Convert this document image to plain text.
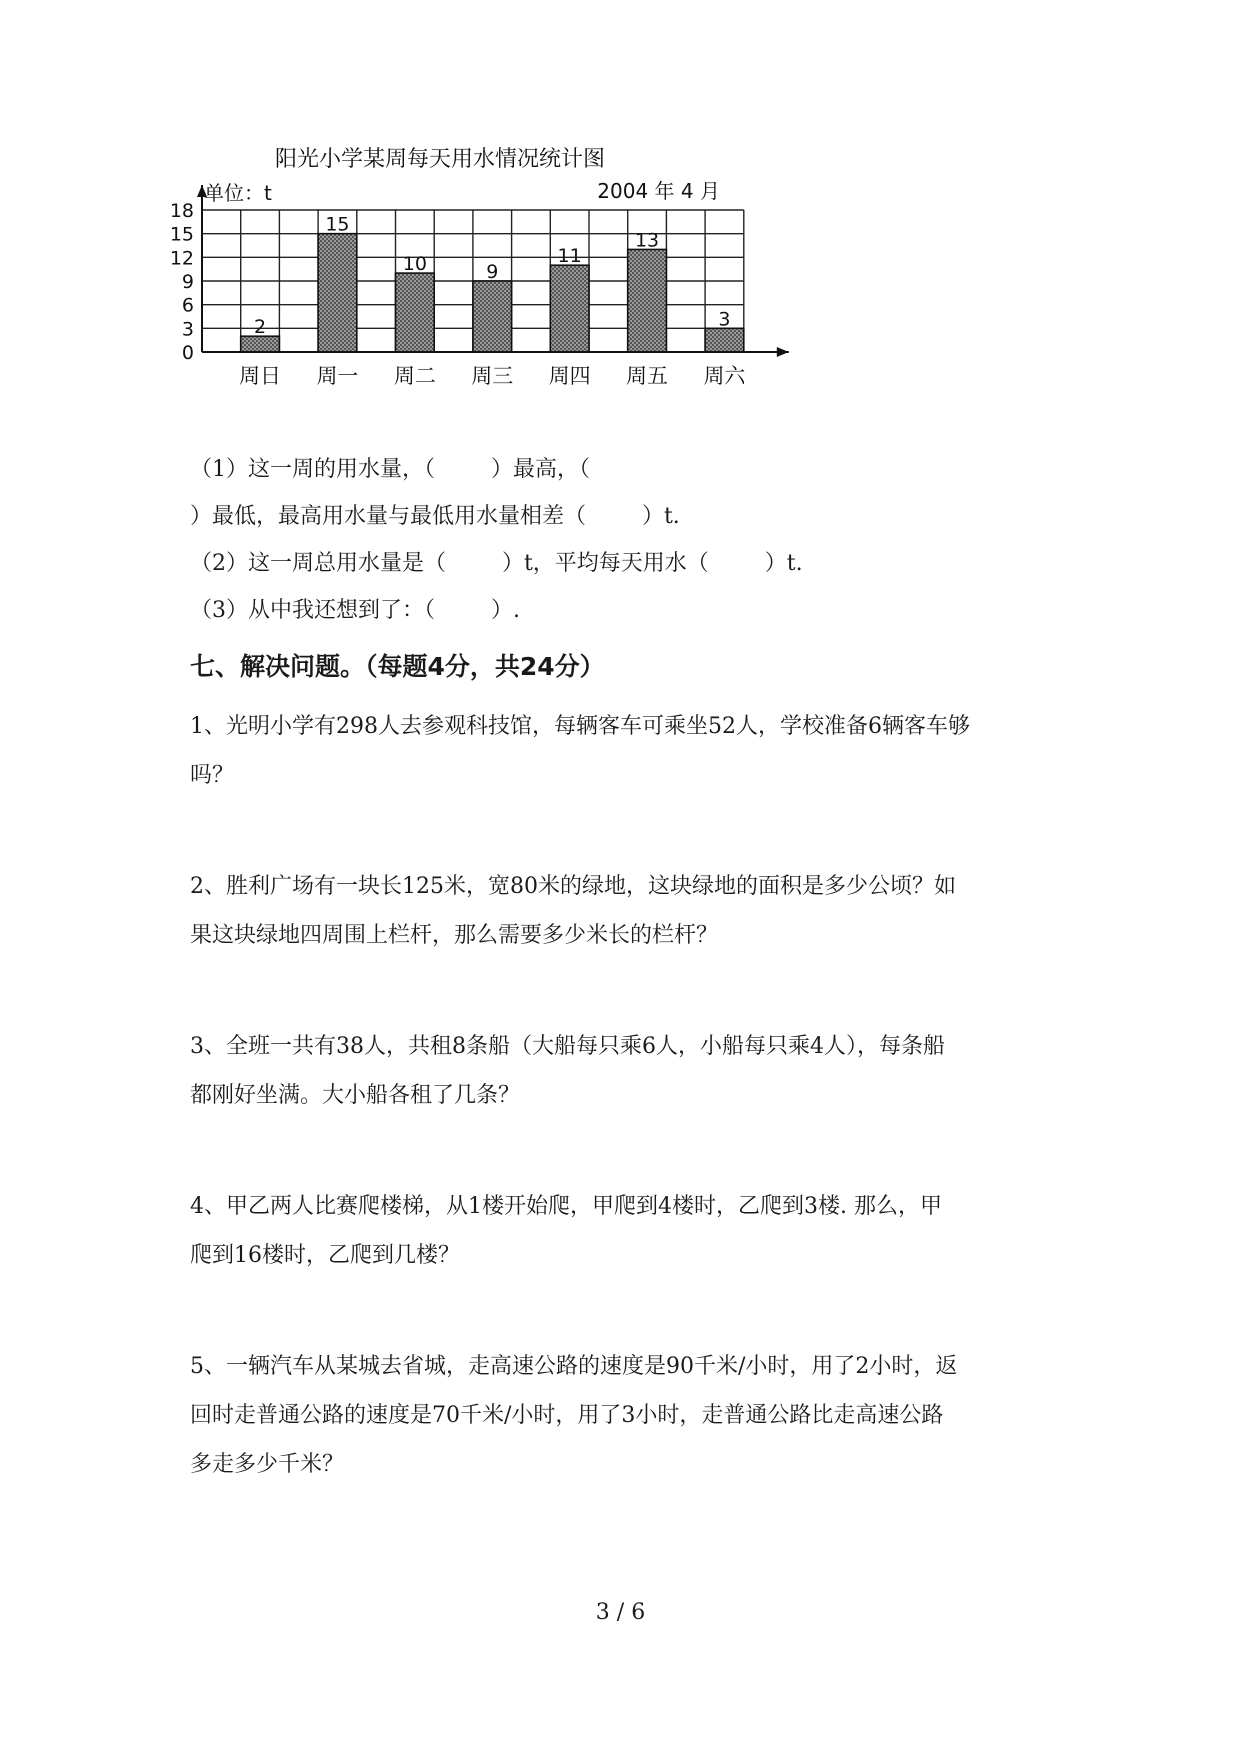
阳光小学某周每天用水情况统计图
单位：t	2004 年 4 月
0
3
6
9
12
15
18
2
周日
15
周一
10
周二
9
周三
11
周四
13
周五
3
周六
（1）这一周的用水量，（        ）最高，（
）最低，最高用水量与最低用水量相差（        ）t.
（2）这一周总用水量是（        ）t，平均每天用水（        ）t.
（3）从中我还想到了：（        ）.
七、解决问题。（每题4分，共24分）
1、光明小学有298人去参观科技馆，每辆客车可乘坐52人，学校准备6辆客车够
吗？
2、胜利广场有一块长125米，宽80米的绿地，这块绿地的面积是多少公顷？如
果这块绿地四周围上栏杆，那么需要多少米长的栏杆？
3、全班一共有38人，共租8条船（大船每只乘6人，小船每只乘4人），每条船
都刚好坐满。大小船各租了几条？
4、甲乙两人比赛爬楼梯，从1楼开始爬，甲爬到4楼时，乙爬到3楼. 那么，甲
爬到16楼时，乙爬到几楼？
5、一辆汽车从某城去省城，走高速公路的速度是90千米/小时，用了2小时，返
回时走普通公路的速度是70千米/小时，用了3小时，走普通公路比走高速公路
多走多少千米？
3 / 6
